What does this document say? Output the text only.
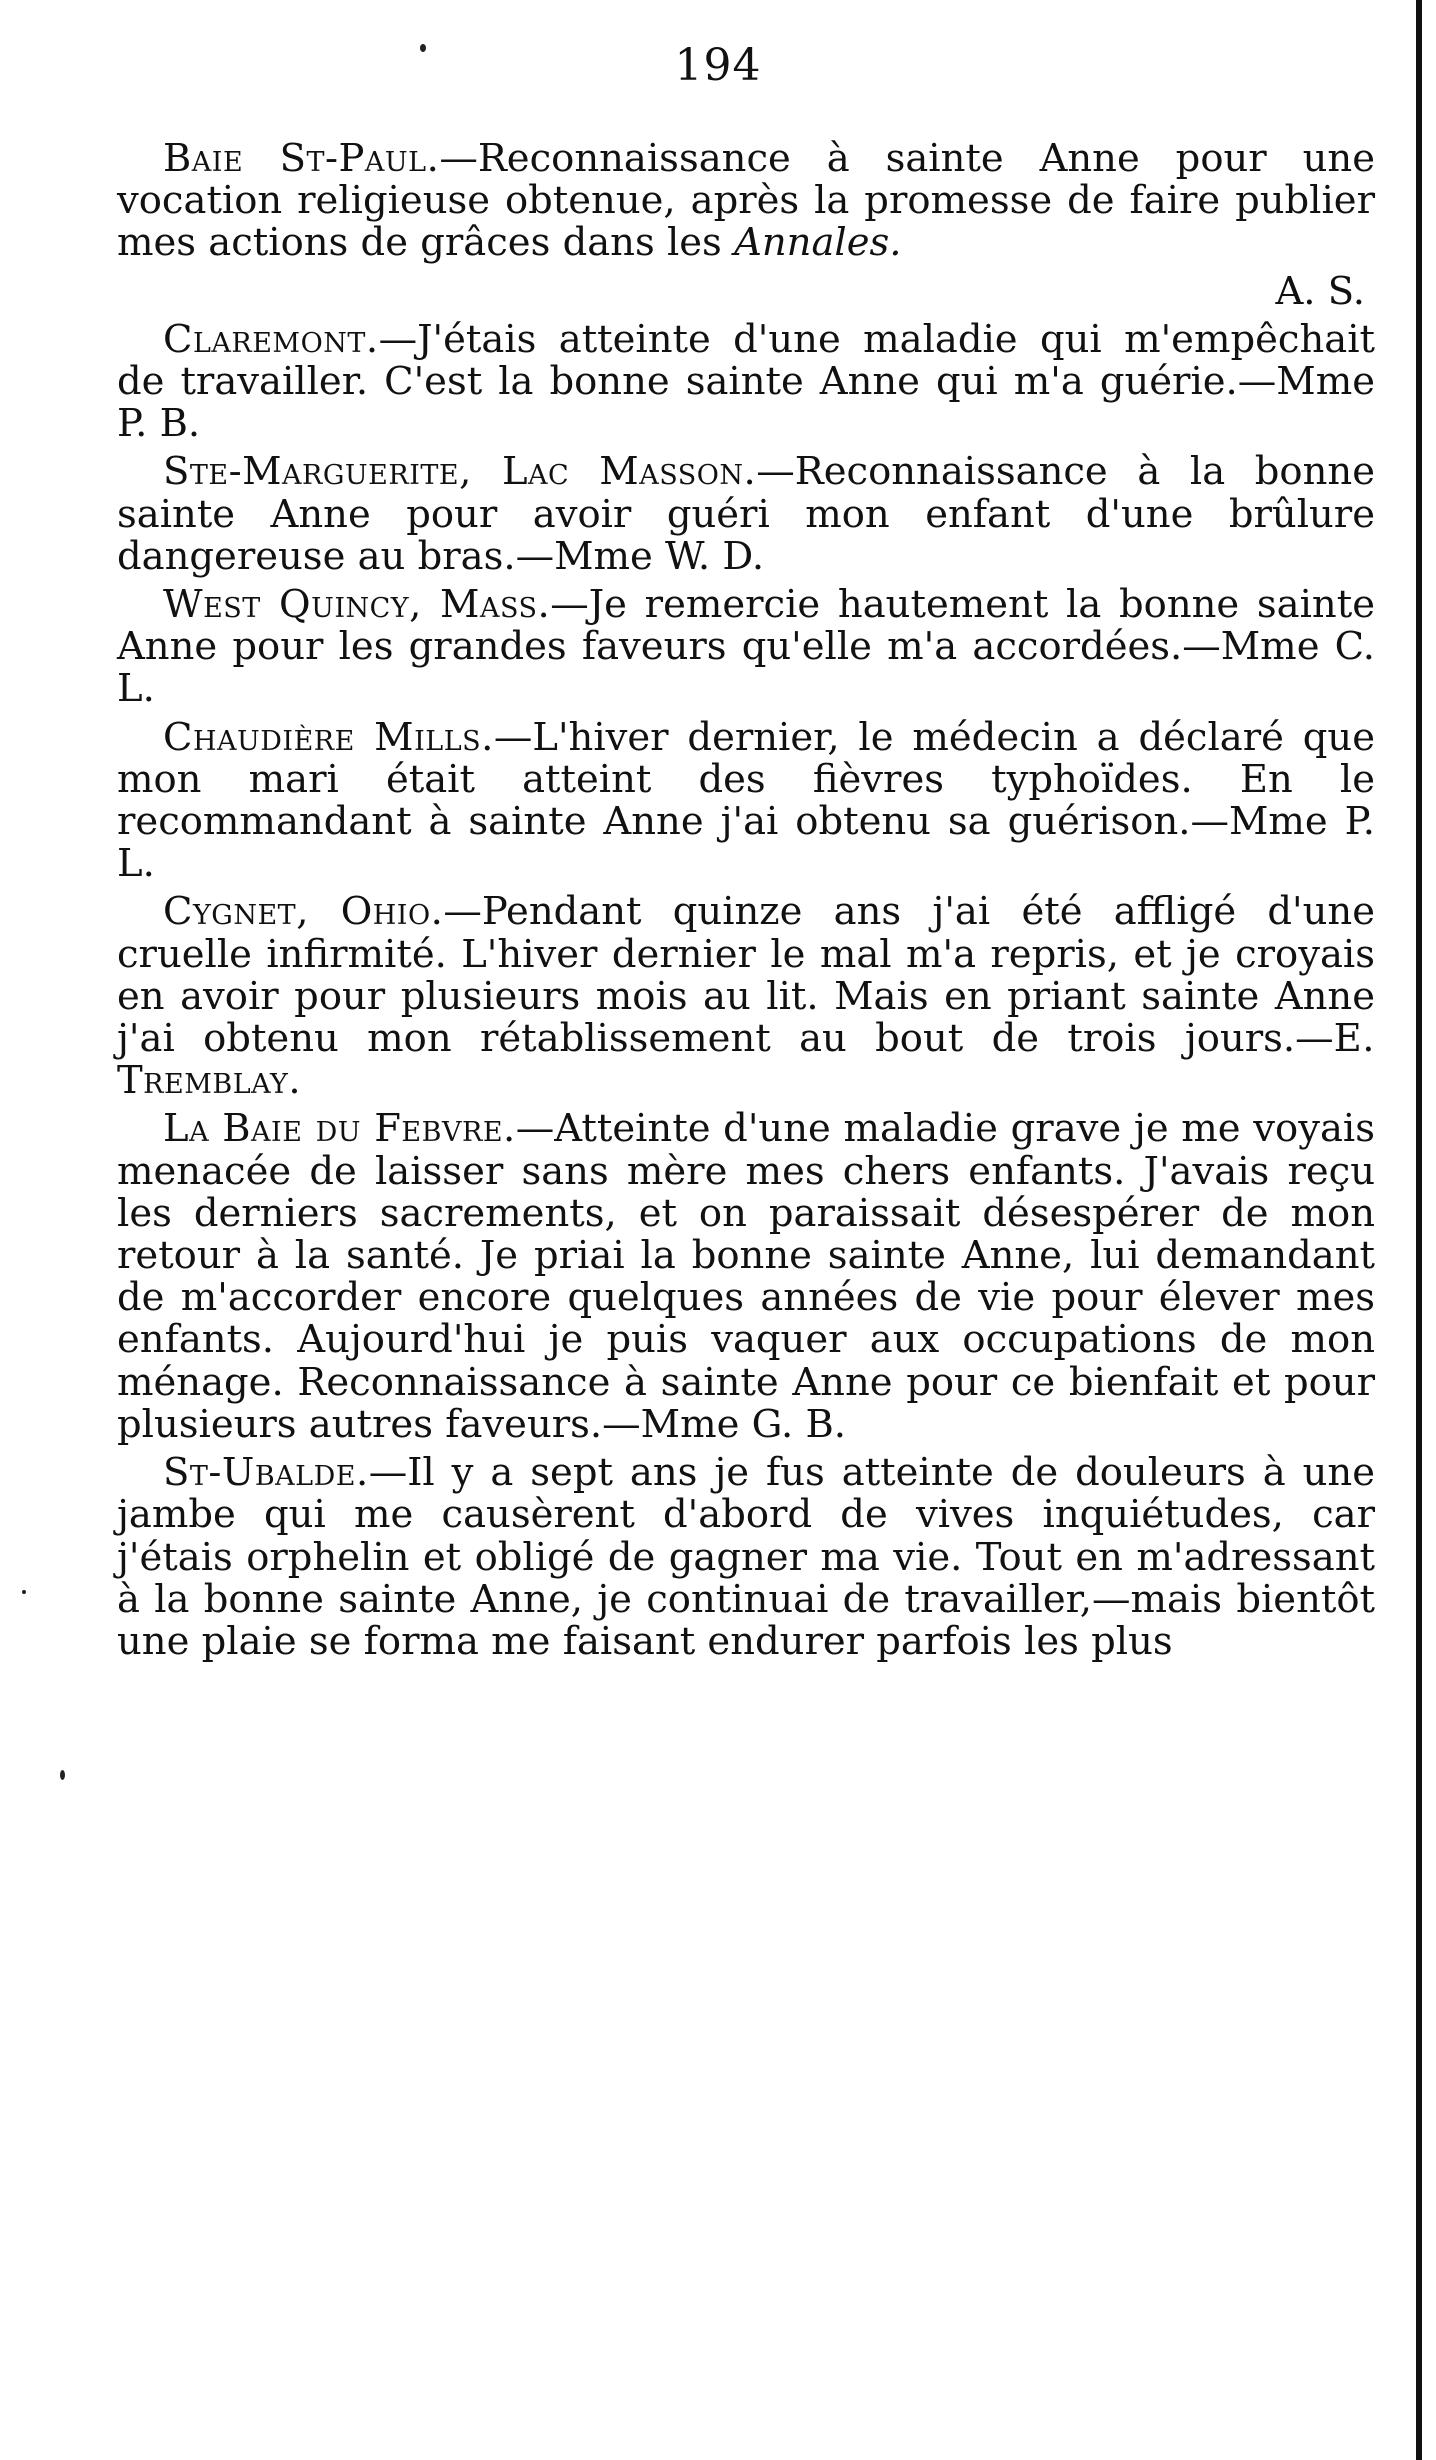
194

Baie St-Paul.—Reconnaissance à sainte Anne pour une vocation religieuse obtenue, après la promesse de faire publier mes actions de grâces dans les Annales.

A. S.

Claremont.—J'étais atteinte d'une maladie qui m'empêchait de travailler. C'est la bonne sainte Anne qui m'a guérie.—Mme P. B.

Ste-Marguerite, Lac Masson.—Reconnaissance à la bonne sainte Anne pour avoir guéri mon enfant d'une brûlure dangereuse au bras.—Mme W. D.

West Quincy, Mass.—Je remercie hautement la bonne sainte Anne pour les grandes faveurs qu'elle m'a accordées.—Mme C. L.

Chaudière Mills.—L'hiver dernier, le médecin a déclaré que mon mari était atteint des fièvres typhoïdes. En le recommandant à sainte Anne j'ai obtenu sa guérison.—Mme P. L.

Cygnet, Ohio.—Pendant quinze ans j'ai été affligé d'une cruelle infirmité. L'hiver dernier le mal m'a repris, et je croyais en avoir pour plusieurs mois au lit. Mais en priant sainte Anne j'ai obtenu mon rétablissement au bout de trois jours.—E. Tremblay.

La Baie du Febvre.—Atteinte d'une maladie grave je me voyais menacée de laisser sans mère mes chers enfants. J'avais reçu les derniers sacrements, et on paraissait désespérer de mon retour à la santé. Je priai la bonne sainte Anne, lui demandant de m'accorder encore quelques années de vie pour élever mes enfants. Aujourd'hui je puis vaquer aux occupations de mon ménage. Reconnaissance à sainte Anne pour ce bienfait et pour plusieurs autres faveurs.—Mme G. B.

St-Ubalde.—Il y a sept ans je fus atteinte de douleurs à une jambe qui me causèrent d'abord de vives inquiétudes, car j'étais orphelin et obligé de gagner ma vie. Tout en m'adressant à la bonne sainte Anne, je continuai de travailler,—mais bientôt une plaie se forma me faisant endurer parfois les plus
